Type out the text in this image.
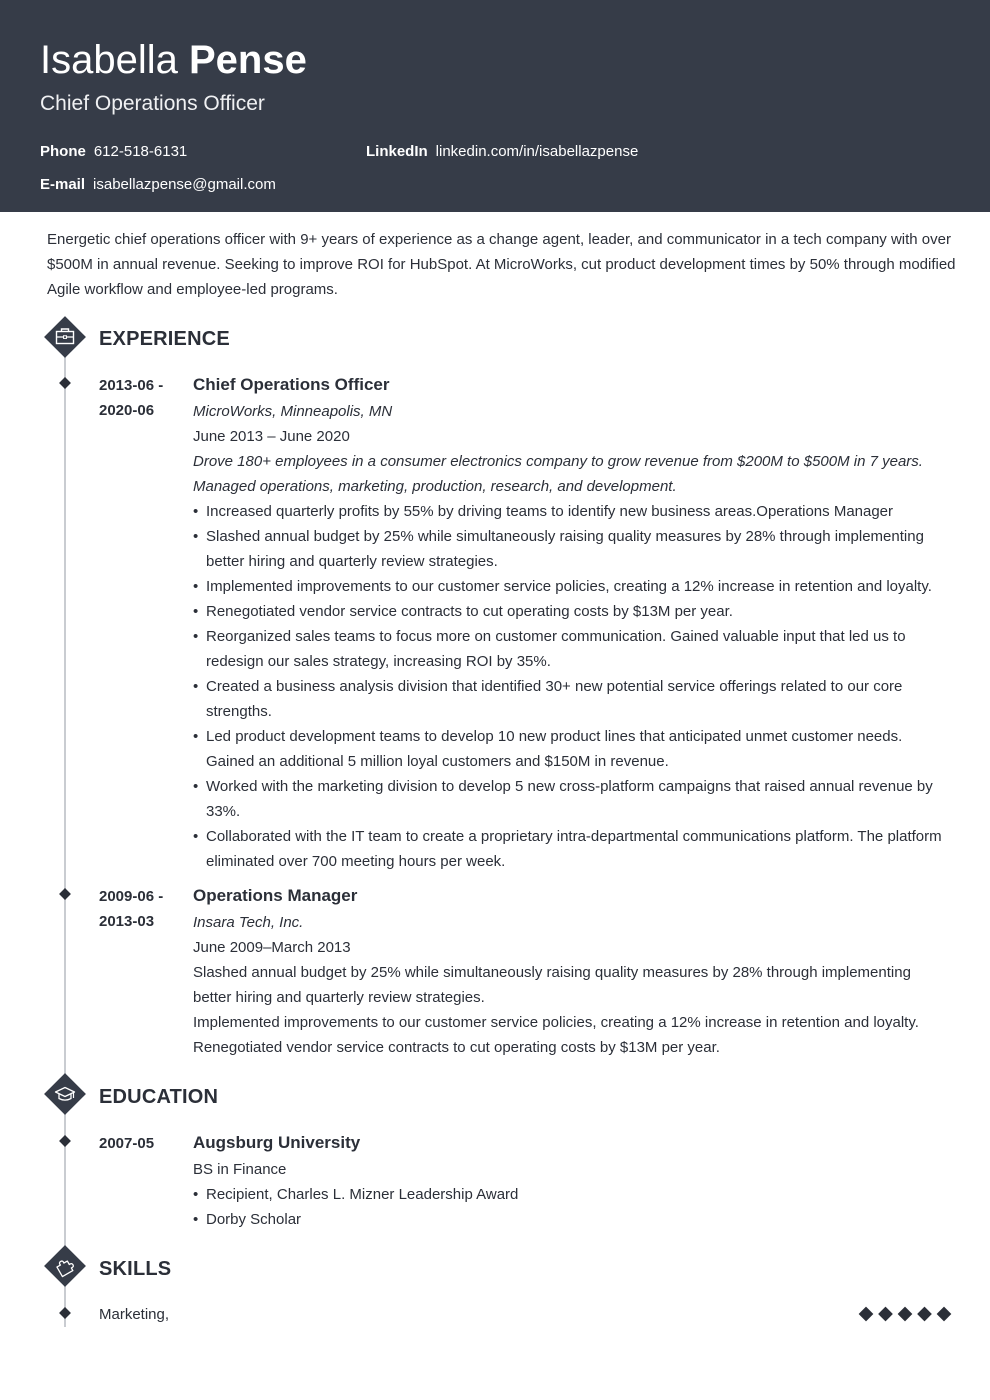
Isabella Pense
Chief Operations Officer
Phone 612-518-6131	LinkedIn linkedin.com/in/isabellazpense
E-mail isabellazpense@gmail.com
Energetic chief operations officer with 9+ years of experience as a change agent, leader, and communicator in a tech company with over $500M in annual revenue. Seeking to improve ROI for HubSpot. At MicroWorks, cut product development times by 50% through modified Agile workflow and employee-led programs.
EXPERIENCE
2013-06 -
2020-06
Chief Operations Officer
MicroWorks, Minneapolis, MN
June 2013 – June 2020
Drove 180+ employees in a consumer electronics company to grow revenue from $200M to $500M in 7 years. Managed operations, marketing, production, research, and development.
• Increased quarterly profits by 55% by driving teams to identify new business areas.Operations Manager
• Slashed annual budget by 25% while simultaneously raising quality measures by 28% through implementing better hiring and quarterly review strategies.
• Implemented improvements to our customer service policies, creating a 12% increase in retention and loyalty.
• Renegotiated vendor service contracts to cut operating costs by $13M per year.
• Reorganized sales teams to focus more on customer communication. Gained valuable input that led us to redesign our sales strategy, increasing ROI by 35%.
• Created a business analysis division that identified 30+ new potential service offerings related to our core strengths.
• Led product development teams to develop 10 new product lines that anticipated unmet customer needs. Gained an additional 5 million loyal customers and $150M in revenue.
• Worked with the marketing division to develop 5 new cross-platform campaigns that raised annual revenue by 33%.
• Collaborated with the IT team to create a proprietary intra-departmental communications platform. The platform eliminated over 700 meeting hours per week.
2009-06 -
2013-03
Operations Manager
Insara Tech, Inc.
June 2009–March 2013
Slashed annual budget by 25% while simultaneously raising quality measures by 28% through implementing better hiring and quarterly review strategies.
Implemented improvements to our customer service policies, creating a 12% increase in retention and loyalty.
Renegotiated vendor service contracts to cut operating costs by $13M per year.
EDUCATION
2007-05	Augsburg University
BS in Finance
• Recipient, Charles L. Mizner Leadership Award
• Dorby Scholar
SKILLS
Marketing,
